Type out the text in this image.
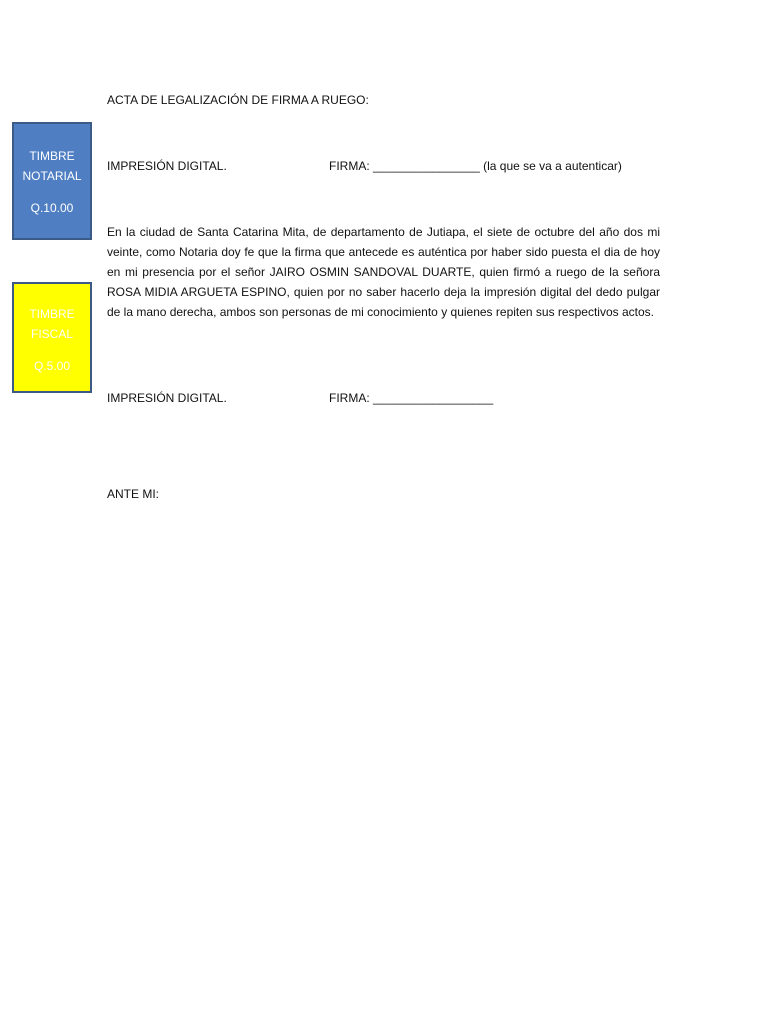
TIMBRE
NOTARIAL
Q.10.00
TIMBRE
FISCAL
Q.5.00
ACTA DE LEGALIZACIÓN DE FIRMA A RUEGO:
IMPRESIÓN DIGITAL.	FIRMA: ________________ (la que se va a autenticar)

En la ciudad de Santa Catarina Mita, de departamento de Jutiapa, el siete de octubre del año dos mi veinte, como Notaria doy fe que la firma que antecede es auténtica por haber sido puesta el dia de hoy en mi presencia por el señor JAIRO OSMIN SANDOVAL DUARTE, quien firmó a ruego de la señora ROSA MIDIA ARGUETA ESPINO, quien por no saber hacerlo deja la impresión digital del dedo pulgar de la mano derecha, ambos son personas de mi conocimiento y quienes repiten sus respectivos actos.

IMPRESIÓN DIGITAL.	FIRMA: __________________

ANTE MI:
